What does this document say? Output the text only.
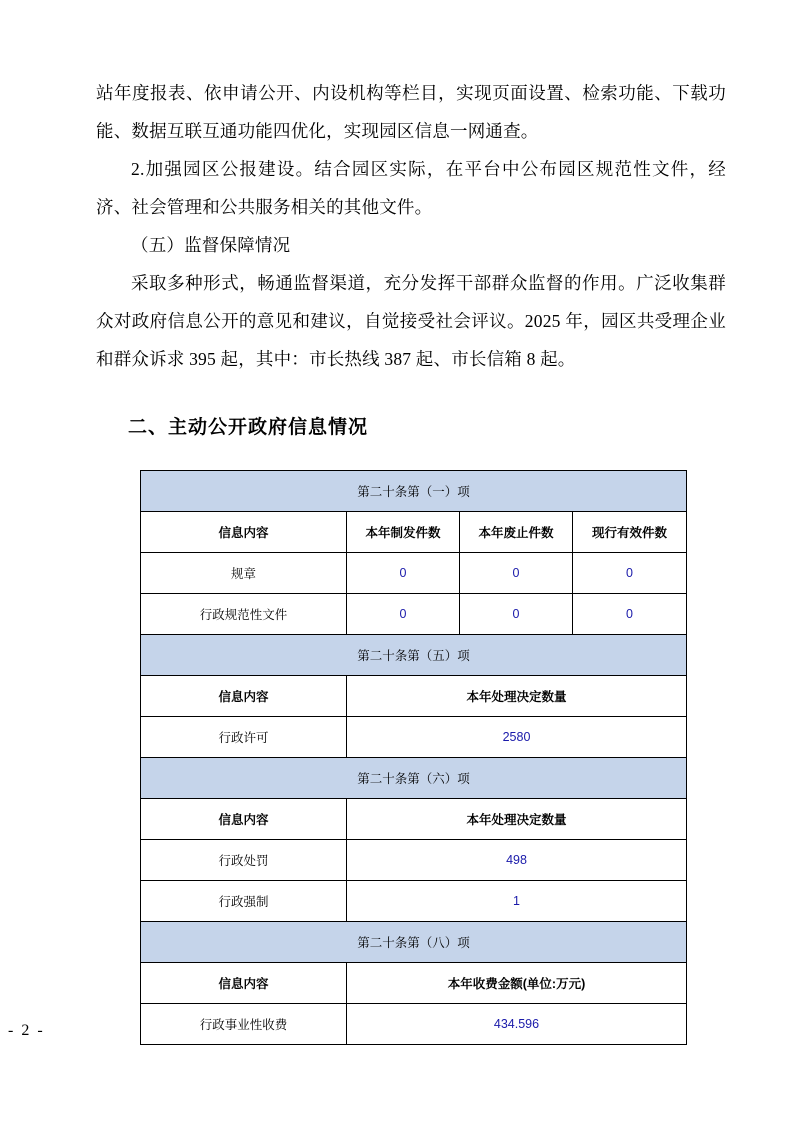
站年度报表、依申请公开、内设机构等栏目，实现页面设置、检索功能、下载功能、数据互联互通功能四优化，实现园区信息一网通查。

2.加强园区公报建设。结合园区实际，在平台中公布园区规范性文件，经济、社会管理和公共服务相关的其他文件。

（五）监督保障情况

采取多种形式，畅通监督渠道，充分发挥干部群众监督的作用。广泛收集群众对政府信息公开的意见和建议，自觉接受社会评议。2025 年，园区共受理企业和群众诉求 395 起，其中：市长热线 387 起、市长信箱 8 起。

二、主动公开政府信息情况
第二十条第（一）项			
信息内容	本年制发件数	本年废止件数	现行有效件数
规章	0	0	0
行政规范性文件	0	0	0
第二十条第（五）项			
信息内容	本年处理决定数量		
行政许可	2580		
第二十条第（六）项			
信息内容	本年处理决定数量		
行政处罚	498		
行政强制	1		
第二十条第（八）项			
信息内容	本年收费金额(单位:万元)		
行政事业性收费	434.596		
- 2 -
